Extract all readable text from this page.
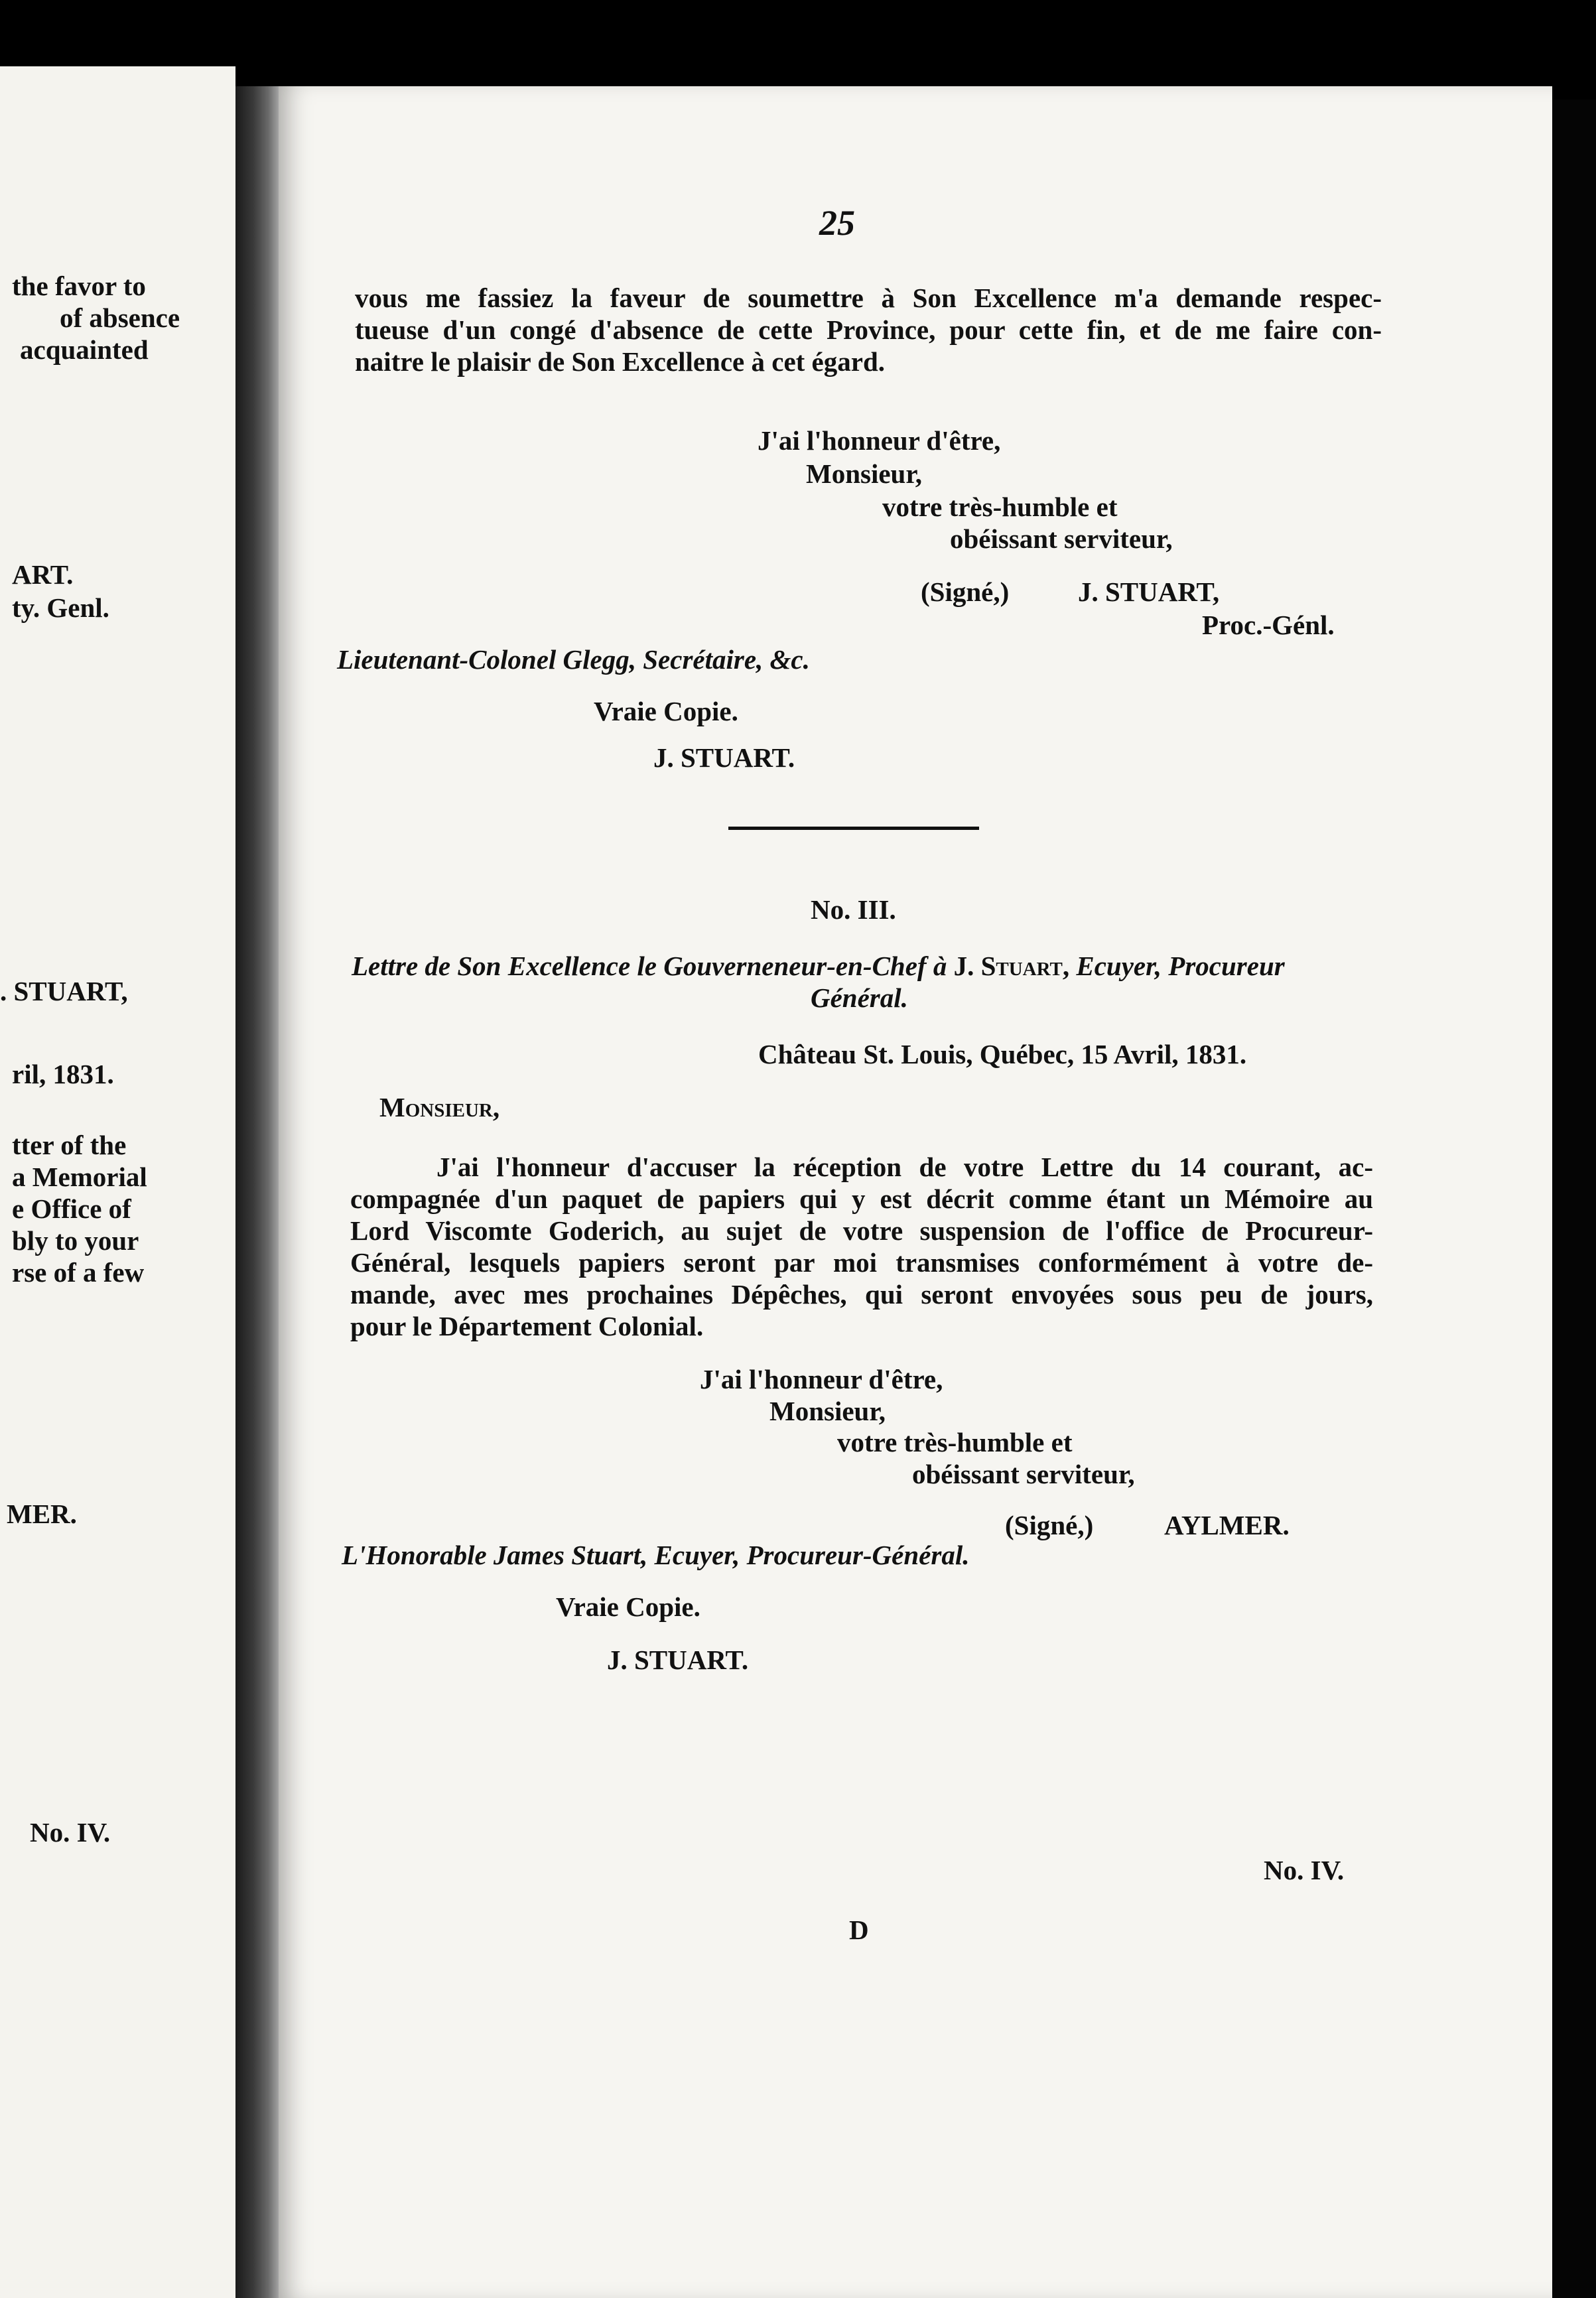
the favor to
of absence
acquainted
ART.
ty. Genl.
. STUART,
ril, 1831.
tter of the
a Memorial
e Office of
bly to your
rse of a few
MER.
No. IV.
25
vous me fassiez la faveur de soumettre à Son Excellence m'a demande respec-
tueuse d'un congé d'absence de cette Province, pour cette fin, et de me faire con-
naitre le plaisir de Son Excellence à cet égard.
J'ai l'honneur d'être,
Monsieur,
votre très-humble et
obéissant serviteur,
(Signé,)	J. STUART,
Proc.-Génl.
Lieutenant-Colonel Glegg, Secrétaire, &c.
Vraie Copie.
J. STUART.
No. III.
Lettre de Son Excellence le Gouverneneur-en-Chef à J. Stuart, Ecuyer, Procureur
Général.
Château St. Louis, Québec, 15 Avril, 1831.
Monsieur,
J'ai l'honneur d'accuser la réception de votre Lettre du 14 courant, ac-
compagnée d'un paquet de papiers qui y est décrit comme étant un Mémoire au
Lord Viscomte Goderich, au sujet de votre suspension de l'office de Procureur-
Général, lesquels papiers seront par moi transmises conformément à votre de-
mande, avec mes prochaines Dépêches, qui seront envoyées sous peu de jours,
pour le Département Colonial.
J'ai l'honneur d'être,
Monsieur,
votre très-humble et
obéissant serviteur,
(Signé,)	AYLMER.
L'Honorable James Stuart, Ecuyer, Procureur-Général.
Vraie Copie.
J. STUART.
No. IV.
D
